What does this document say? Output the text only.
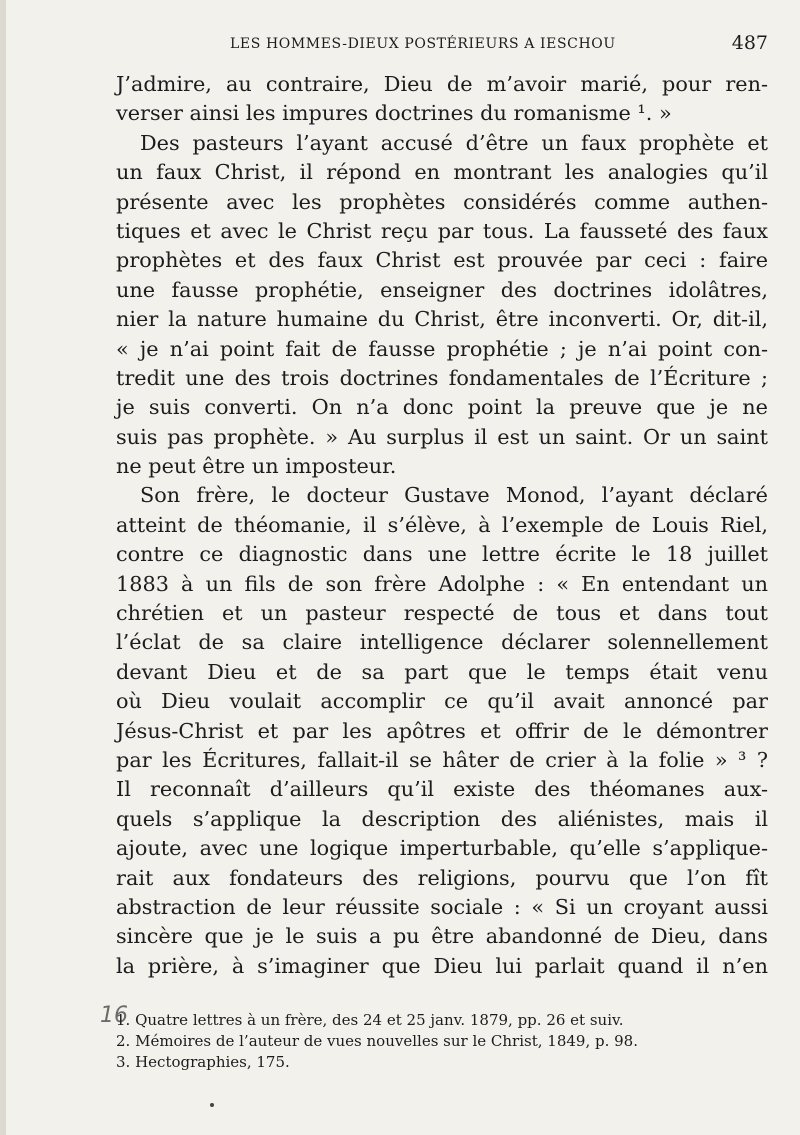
LES HOMMES-DIEUX POSTÉRIEURS A IESCHOU	487
J’admire, au contraire, Dieu de m’avoir marié, pour ren-
verser ainsi les impures doctrines du romanisme ¹. »
Des pasteurs l’ayant accusé d’être un faux prophète et
un faux Christ, il répond en montrant les analogies qu’il
présente avec les prophètes considérés comme authen-
tiques et avec le Christ reçu par tous. La fausseté des faux
prophètes et des faux Christ est prouvée par ceci : faire
une fausse prophétie, enseigner des doctrines idolâtres,
nier la nature humaine du Christ, être inconverti. Or, dit-il,
« je n’ai point fait de fausse prophétie ; je n’ai point con-
tredit une des trois doctrines fondamentales de l’Écriture ;
je suis converti. On n’a donc point la preuve que je ne
suis pas prophète. » Au surplus il est un saint. Or un saint
ne peut être un imposteur.
Son frère, le docteur Gustave Monod, l’ayant déclaré
atteint de théomanie, il s’élève, à l’exemple de Louis Riel,
contre ce diagnostic dans une lettre écrite le 18 juillet
1883 à un fils de son frère Adolphe : « En entendant un
chrétien et un pasteur respecté de tous et dans tout
l’éclat de sa claire intelligence déclarer solennellement
devant Dieu et de sa part que le temps était venu
où Dieu voulait accomplir ce qu’il avait annoncé par
Jésus-Christ et par les apôtres et offrir de le démontrer
par les Écritures, fallait-il se hâter de crier à la folie » ³ ?
Il reconnaît d’ailleurs qu’il existe des théomanes aux-
quels s’applique la description des aliénistes, mais il
ajoute, avec une logique imperturbable, qu’elle s’applique-
rait aux fondateurs des religions, pourvu que l’on fît
abstraction de leur réussite sociale : « Si un croyant aussi
sincère que je le suis a pu être abandonné de Dieu, dans
la prière, à s’imaginer que Dieu lui parlait quand il n’en
16
1. Quatre lettres à un frère, des 24 et 25 janv. 1879, pp. 26 et suiv.
2. Mémoires de l’auteur de vues nouvelles sur le Christ, 1849, p. 98.
3. Hectographies, 175.
